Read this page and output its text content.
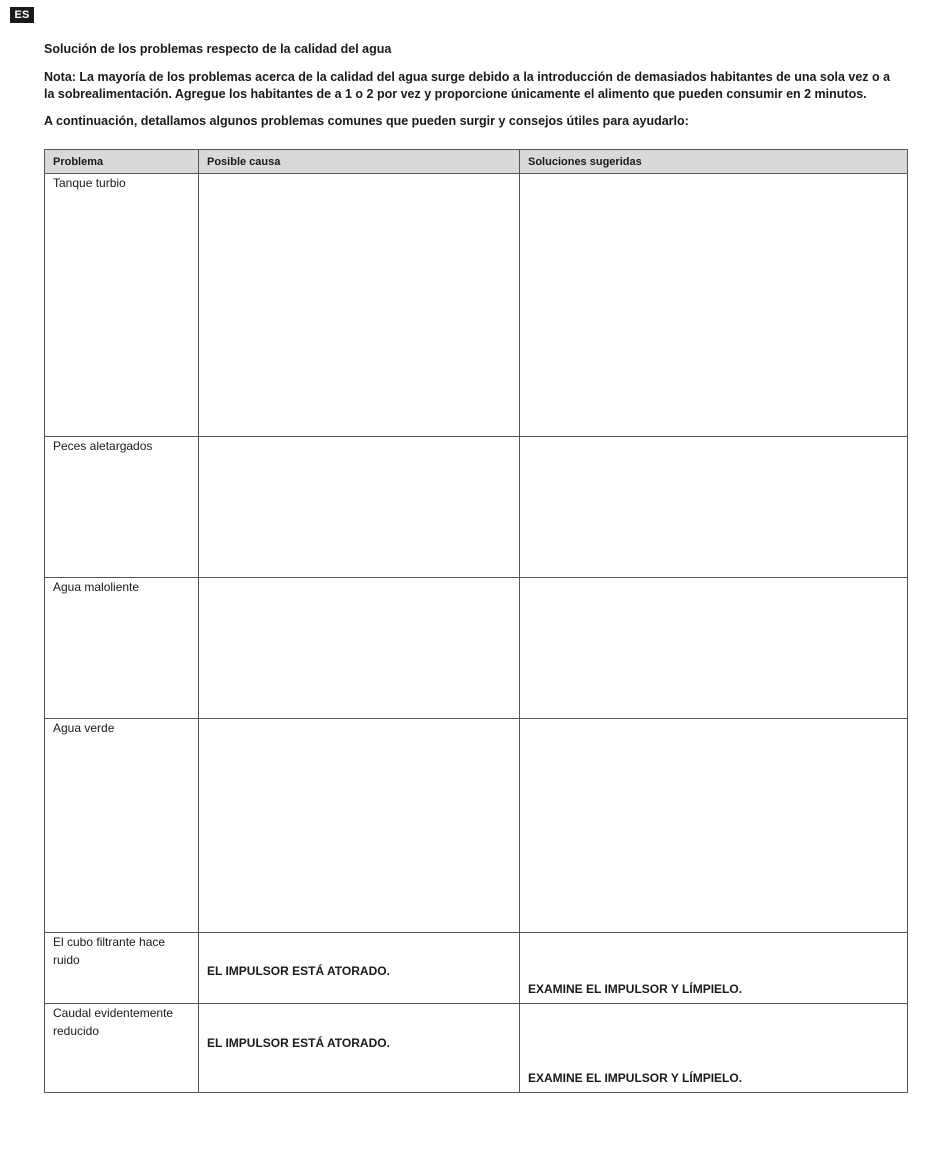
ES
Solución de los problemas respecto de la calidad del agua
Nota: La mayoría de los problemas acerca de la calidad del agua surge debido a la introducción de demasiados habitantes de una sola vez o a la sobrealimentación. Agregue los habitantes de a 1 o 2 por vez y proporcione únicamente el alimento que pueden consumir en 2 minutos.
A continuación, detallamos algunos problemas comunes que pueden surgir y consejos útiles para ayudarlo:
Problema	Posible causa	Soluciones sugeridas
Tanque turbio		
Peces aletargados		
Agua maloliente		
Agua verde		
El cubo filtrante hace ruido	EL IMPULSOR ESTÁ ATORADO.	EXAMINE EL IMPULSOR Y LÍMPIELO.
Caudal evidentemente reducido	EL IMPULSOR ESTÁ ATORADO.	EXAMINE EL IMPULSOR Y LÍMPIELO.
